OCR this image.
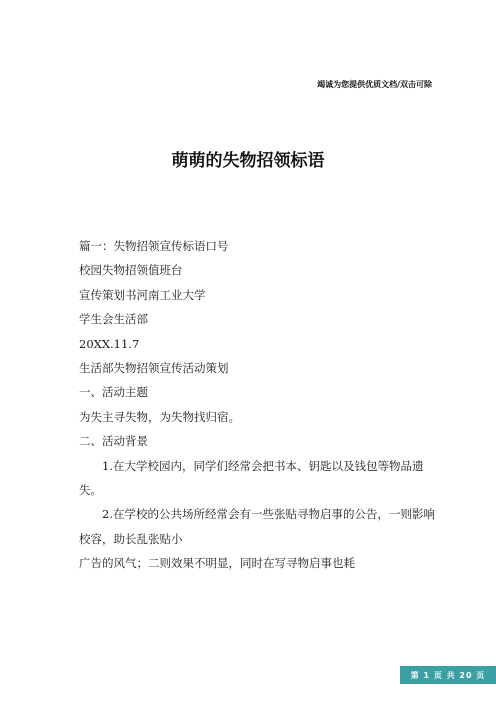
竭诚为您提供优质文档/双击可除
萌萌的失物招领标语

篇一：失物招领宣传标语口号

校园失物招领值班台

宣传策划书河南工业大学

学生会生活部

20XX.11.7

生活部失物招领宣传活动策划

一、活动主题

为失主寻失物，为失物找归宿。

二、活动背景

1.在大学校园内，同学们经常会把书本、钥匙以及钱包等物品遗失。

2.在学校的公共场所经常会有一些张贴寻物启事的公告，一则影响校容，助长乱张贴小

广告的风气；二则效果不明显，同时在写寻物启事也耗

第 1 页 共 20 页
